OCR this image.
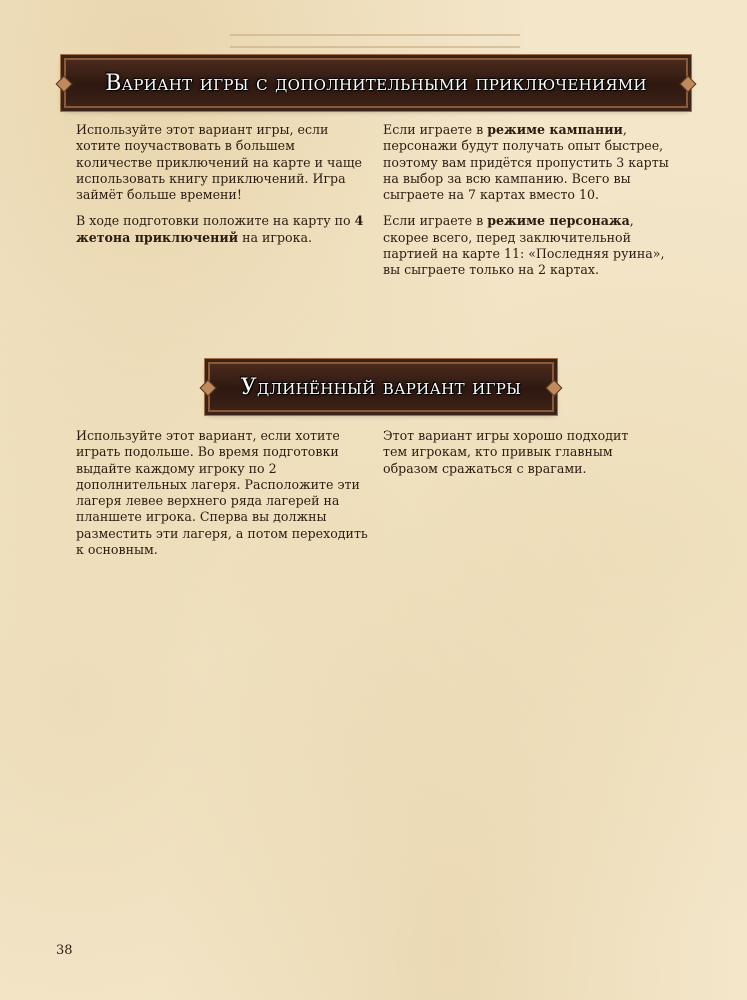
Вариант игры с дополнительными приключениями

Используйте этот вариант игры, если хотите поучаствовать в большем количестве приключений на карте и чаще использовать книгу приключений. Игра займёт больше времени!

В ходе подготовки положите на карту по 4 жетона приключений на игрока.

Если играете в режиме кампании, персонажи будут получать опыт быстрее, поэтому вам придётся пропустить 3 карты на выбор за всю кампанию. Всего вы сыграете на 7 картах вместо 10.

Если играете в режиме персонажа, скорее всего, перед заключительной партией на карте 11: «Последняя руина», вы сыграете только на 2 картах.

Удлинённый вариант игры

Используйте этот вариант, если хотите играть подольше. Во время подготовки выдайте каждому игроку по 2 дополнительных лагеря. Расположите эти лагеря левее верхнего ряда лагерей на планшете игрока. Сперва вы должны разместить эти лагеря, а потом переходить к основным.

Этот вариант игры хорошо подходит тем игрокам, кто привык главным образом сражаться с врагами.

38
